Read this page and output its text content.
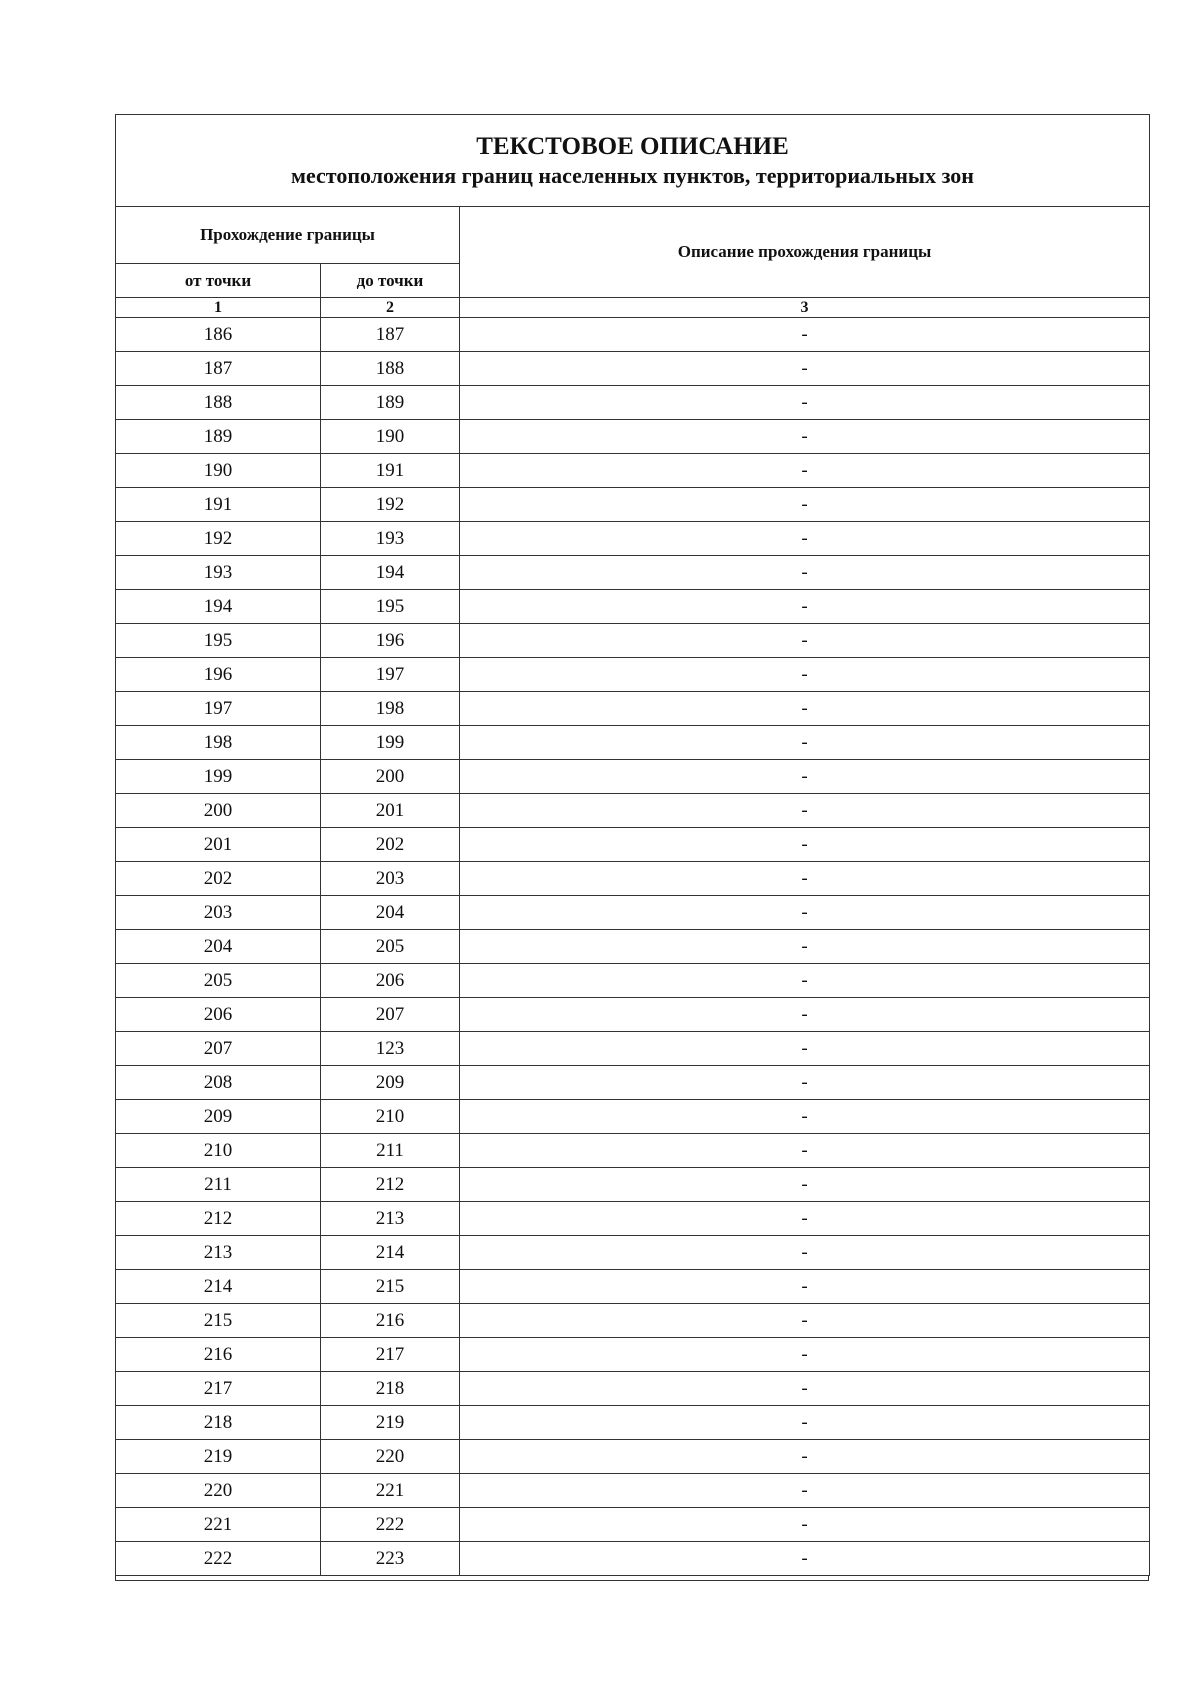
ТЕКСТОВОЕ ОПИСАНИЕ
местоположения границ населенных пунктов, территориальных зон		

Прохождение границы		Описание прохождения границы
от точки	до точки	
1	2	3
186	187	-
187	188	-
188	189	-
189	190	-
190	191	-
191	192	-
192	193	-
193	194	-
194	195	-
195	196	-
196	197	-
197	198	-
198	199	-
199	200	-
200	201	-
201	202	-
202	203	-
203	204	-
204	205	-
205	206	-
206	207	-
207	123	-
208	209	-
209	210	-
210	211	-
211	212	-
212	213	-
213	214	-
214	215	-
215	216	-
216	217	-
217	218	-
218	219	-
219	220	-
220	221	-
221	222	-
222	223	-
